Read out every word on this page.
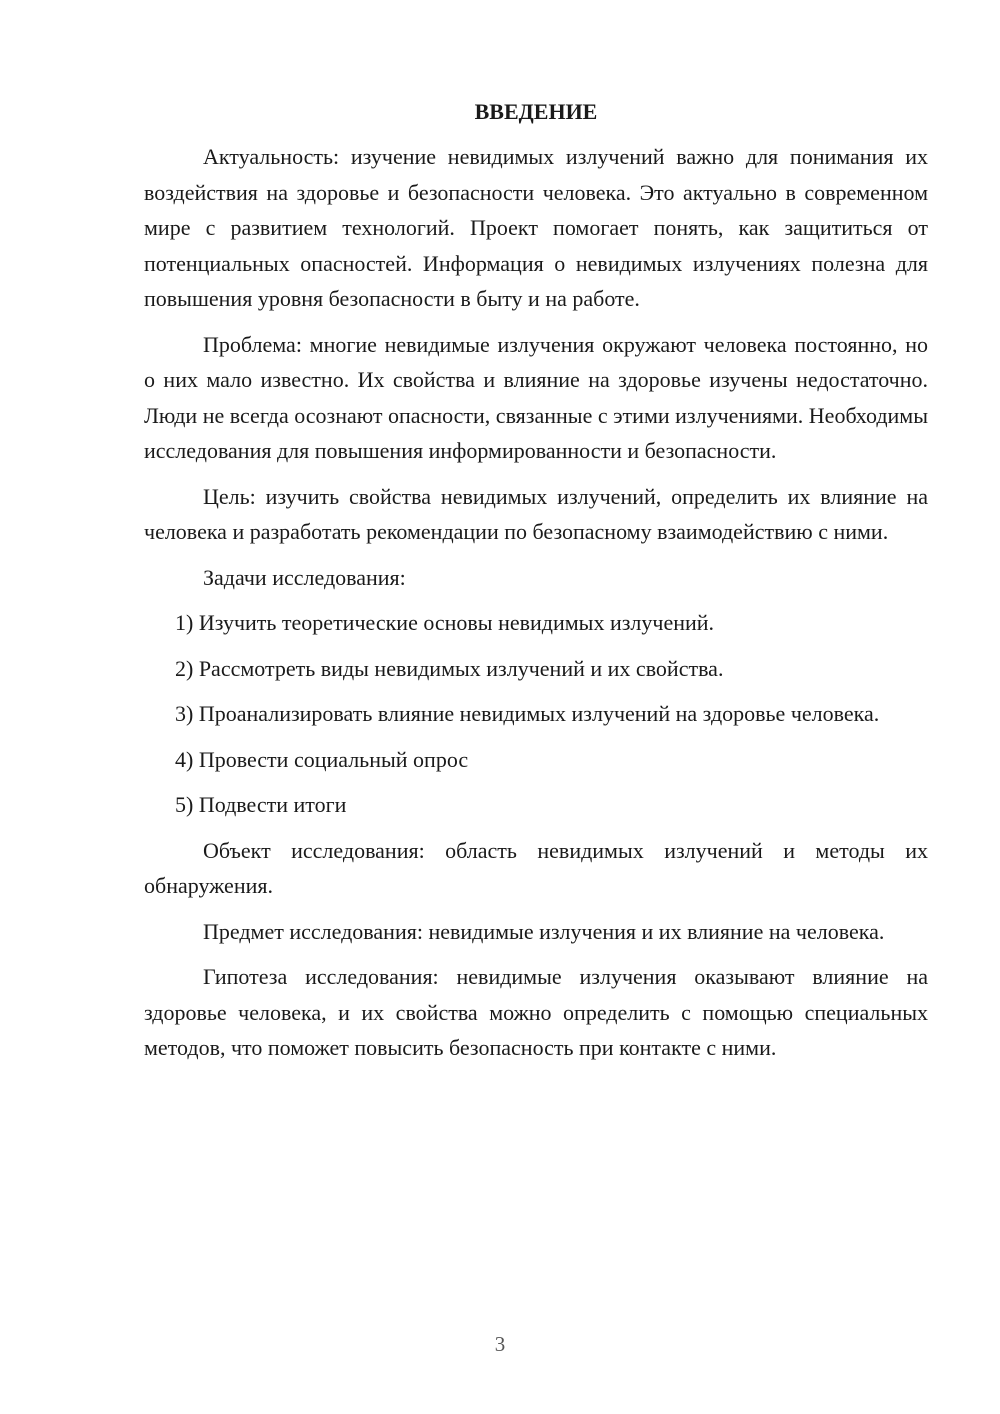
ВВЕДЕНИЕ

Актуальность: изучение невидимых излучений важно для понимания их воздействия на здоровье и безопасности человека. Это актуально в современном мире с развитием технологий. Проект помогает понять, как защититься от потенциальных опасностей. Информация о невидимых излучениях полезна для повышения уровня безопасности в быту и на работе.

Проблема: многие невидимые излучения окружают человека постоянно, но о них мало известно. Их свойства и влияние на здоровье изучены недостаточно. Люди не всегда осознают опасности, связанные с этими излучениями. Необходимы исследования для повышения информированности и безопасности.

Цель: изучить свойства невидимых излучений, определить их влияние на человека и разработать рекомендации по безопасному взаимодействию с ними.

Задачи исследования:

1) Изучить теоретические основы невидимых излучений.

2) Рассмотреть виды невидимых излучений и их свойства.

3) Проанализировать влияние невидимых излучений на здоровье человека.

4) Провести социальный опрос

5) Подвести итоги

Объект исследования: область невидимых излучений и методы их обнаружения.

Предмет исследования: невидимые излучения и их влияние на человека.

Гипотеза исследования: невидимые излучения оказывают влияние на здоровье человека, и их свойства можно определить с помощью специальных методов, что поможет повысить безопасность при контакте с ними.

3
